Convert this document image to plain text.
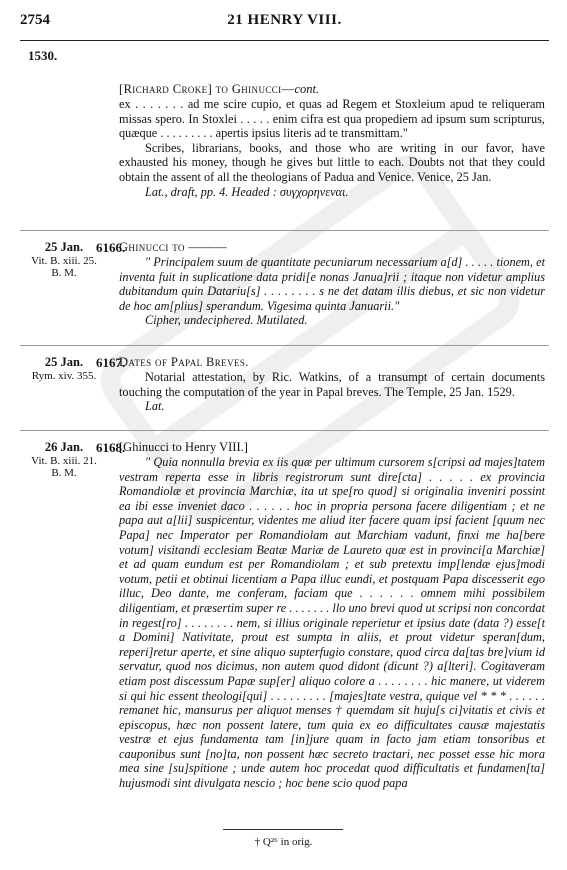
2754	21 HENRY VIII.
1530.

[Richard Croke] to Ghinucci—cont.

ex . . . . . . . ad me scire cupio, et quas ad Regem et Stoxleium apud te reliqueram missas spero. In Stoxlei . . . . . enim cifra est qua propediem ad ipsum sum scripturus, quæque . . . . . . . . . apertis ipsius literis ad te transmittam."

Scribes, librarians, books, and those who are writing in our favor, have exhausted his money, though he gives but little to each. Doubts not that they could obtain the assent of all the theologians of Padua and Venice. Venice, 25 Jan.

Lat., draft, pp. 4. Headed : συγχορηνεναι.

25 Jan.
Vit. B. xiii. 25.
B. M.

6166.
Ghinucci to ———

" Principalem suum de quantitate pecuniarum necessarium a[d] . . . . . tionem, et inventa fuit in suplicatione data pridi[e nonas Janua]rii ; itaque non videtur amplius dubitandum quin Datariu[s] . . . . . . . . s ne det datam illis diebus, et sic non videtur de hoc am[plius] sperandum. Vigesima quinta Januarii."

Cipher, undeciphered. Mutilated.

25 Jan.
Rym. xiv. 355.

6167.
Dates of Papal Breves.

Notarial attestation, by Ric. Watkins, of a transumpt of certain documents touching the computation of the year in Papal breves. The Temple, 25 Jan. 1529.

Lat.

26 Jan.
Vit. B. xiii. 21.
B. M.

6168.
[Ghinucci to Henry VIII.]

" Quia nonnulla brevia ex iis quæ per ultimum cursorem s[cripsi ad majes]tatem vestram reperta esse in libris registrorum sunt dire[cta] . . . . . ex provincia Romandiolæ et provincia Marchiæ, ita ut spe[ro quod] si originalia inveniri possint ea ibi esse inveniet daco . . . . . . hoc in propria persona facere diligentiam ; et ne papa aut a[lii] suspicentur, videntes me aliud iter facere quam ipsi facient [quum nec Papa] nec Imperator per Romandiolam aut Marchiam vadunt, finxi me ha[bere votum] visitandi ecclesiam Beatæ Mariæ de Laureto quæ est in provinci[a Marchiæ] et ad quam eundum est per Romandiolam ; et sub pretextu imp[lendæ ejus]modi votum, petii et obtinui licentiam a Papa illuc eundi, et postquam Papa discesserit ego illuc, Deo dante, me conferam, faciam que . . . . . . omnem mihi possibilem diligentiam, et præsertim super re . . . . . . . llo uno brevi quod ut scripsi non concordat in regest[ro] . . . . . . . . nem, si illius originale reperietur et ipsius date (data ?) esse[t a Domini] Nativitate, prout est sumpta in aliis, et prout videtur speran[dum, reperi]retur aperte, et sine aliquo supterfugio constare, quod circa da[tas bre]vium id servatur, quod nos dicimus, non autem quod didont (dicunt ?) a[lteri]. Cogitaveram etiam post discessum Papæ sup[er] aliquo colore a . . . . . . . . hic manere, ut viderem si qui hic essent theologi[qui] . . . . . . . . . [majes]tate vestra, quique vel * * * . . . . . . remanet hic, mansurus per aliquot menses † quemdam sit huju[s ci]vitatis et civis et episcopus, hæc non possent latere, tum quia ex eo difficultates causæ majestatis vestræ et ejus fundamenta tam [in]jure quam in facto jam etiam tonsoribus et cauponibus sunt [no]ta, non possent hæc secreto tractari, nec posset esse hic mora mea sine [su]spitione ; unde autem hoc procedat quod difficultatis et fundamen[ta] hujusmodi sint divulgata nescio ; hoc bene scio quod papa

† Q²⁶ in orig.
